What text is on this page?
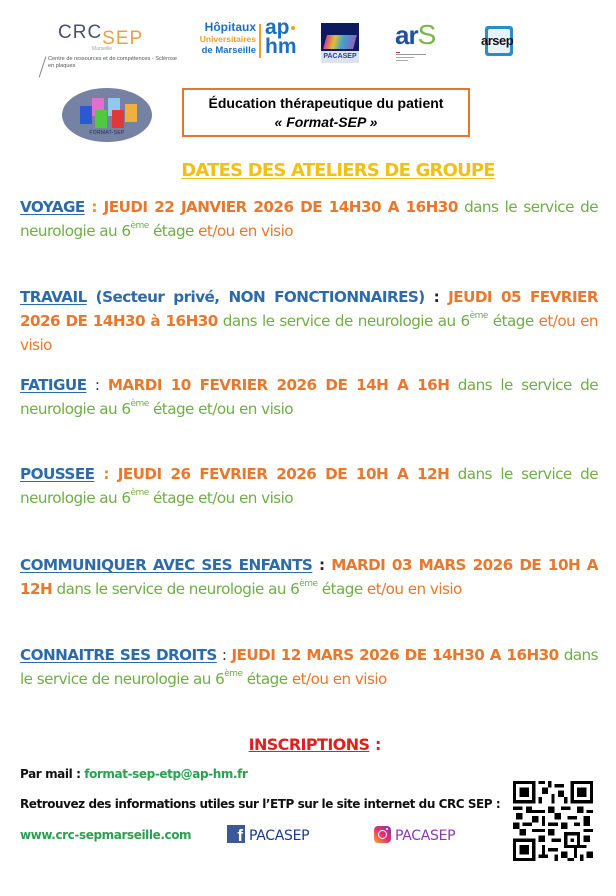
CRCSEP
Marseille
Centre de ressources et de compétences - Sclérose en plaques
Hôpitaux
Universitaires
de Marseille
ap
hm	PACASEP
arS	arsep
fondation
FORMAT-SEP
Éducation thérapeutique du patient
« Format-SEP »
DATES DES ATELIERS DE GROUPE
VOYAGE : JEUDI 22 JANVIER 2026 DE 14H30 A 16H30 dans le service de neurologie au 6ème étage et/ou en visio
TRAVAIL (Secteur privé, NON FONCTIONNAIRES) : JEUDI 05 FEVRIER 2026 DE 14H30 à 16H30 dans le service de neurologie au 6ème étage et/ou en visio
FATIGUE : MARDI 10 FEVRIER 2026 DE 14H A 16H dans le service de neurologie au 6ème étage et/ou en visio
POUSSEE : JEUDI 26 FEVRIER 2026 DE 10H A 12H dans le service de neurologie au 6ème étage et/ou en visio
COMMUNIQUER AVEC SES ENFANTS : MARDI 03 MARS 2026 DE 10H A 12H dans le service de neurologie au 6ème étage et/ou en visio
CONNAITRE SES DROITS : JEUDI 12 MARS 2026 DE 14H30 A 16H30 dans le service de neurologie au 6ème étage et/ou en visio
INSCRIPTIONS :
Par mail : format-sep-etp@ap-hm.fr
Retrouvez des informations utiles sur l’ETP sur le site internet du CRC SEP :
www.crc-sepmarseille.com	f PACASEP	PACASEP
